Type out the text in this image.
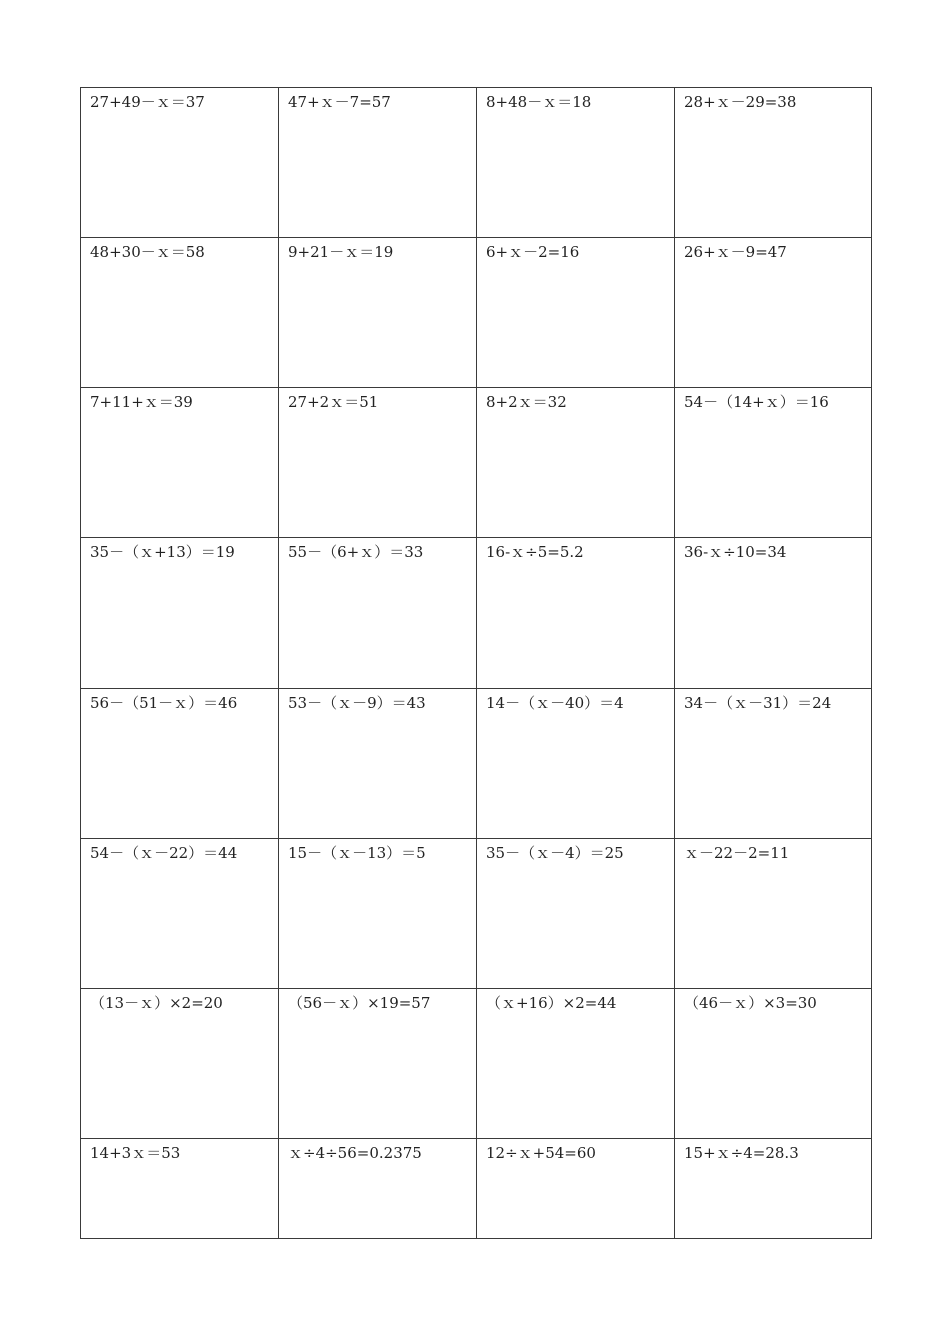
27+49－ｘ＝37	47+ｘ－7=57	8+48－ｘ＝18	28+ｘ－29=38
48+30－ｘ＝58	9+21－ｘ＝19	6+ｘ－2=16	26+ｘ－9=47
7+11+ｘ＝39	27+2ｘ＝51	8+2ｘ＝32	54－（14+ｘ）＝16
35－（ｘ+13）＝19	55－（6+ｘ）＝33	16-ｘ÷5=5.2	36-ｘ÷10=34
56－（51－ｘ）＝46	53－（ｘ－9）＝43	14－（ｘ－40）＝4	34－（ｘ－31）＝24
54－（ｘ－22）＝44	15－（ｘ－13）＝5	35－（ｘ－4）＝25	ｘ－22－2=11
（13－ｘ）×2=20	（56－ｘ）×19=57	（ｘ+16）×2=44	（46－ｘ）×3=30
14+3ｘ＝53	ｘ÷4÷56=0.2375	12÷ｘ+54=60	15+ｘ÷4=28.3
